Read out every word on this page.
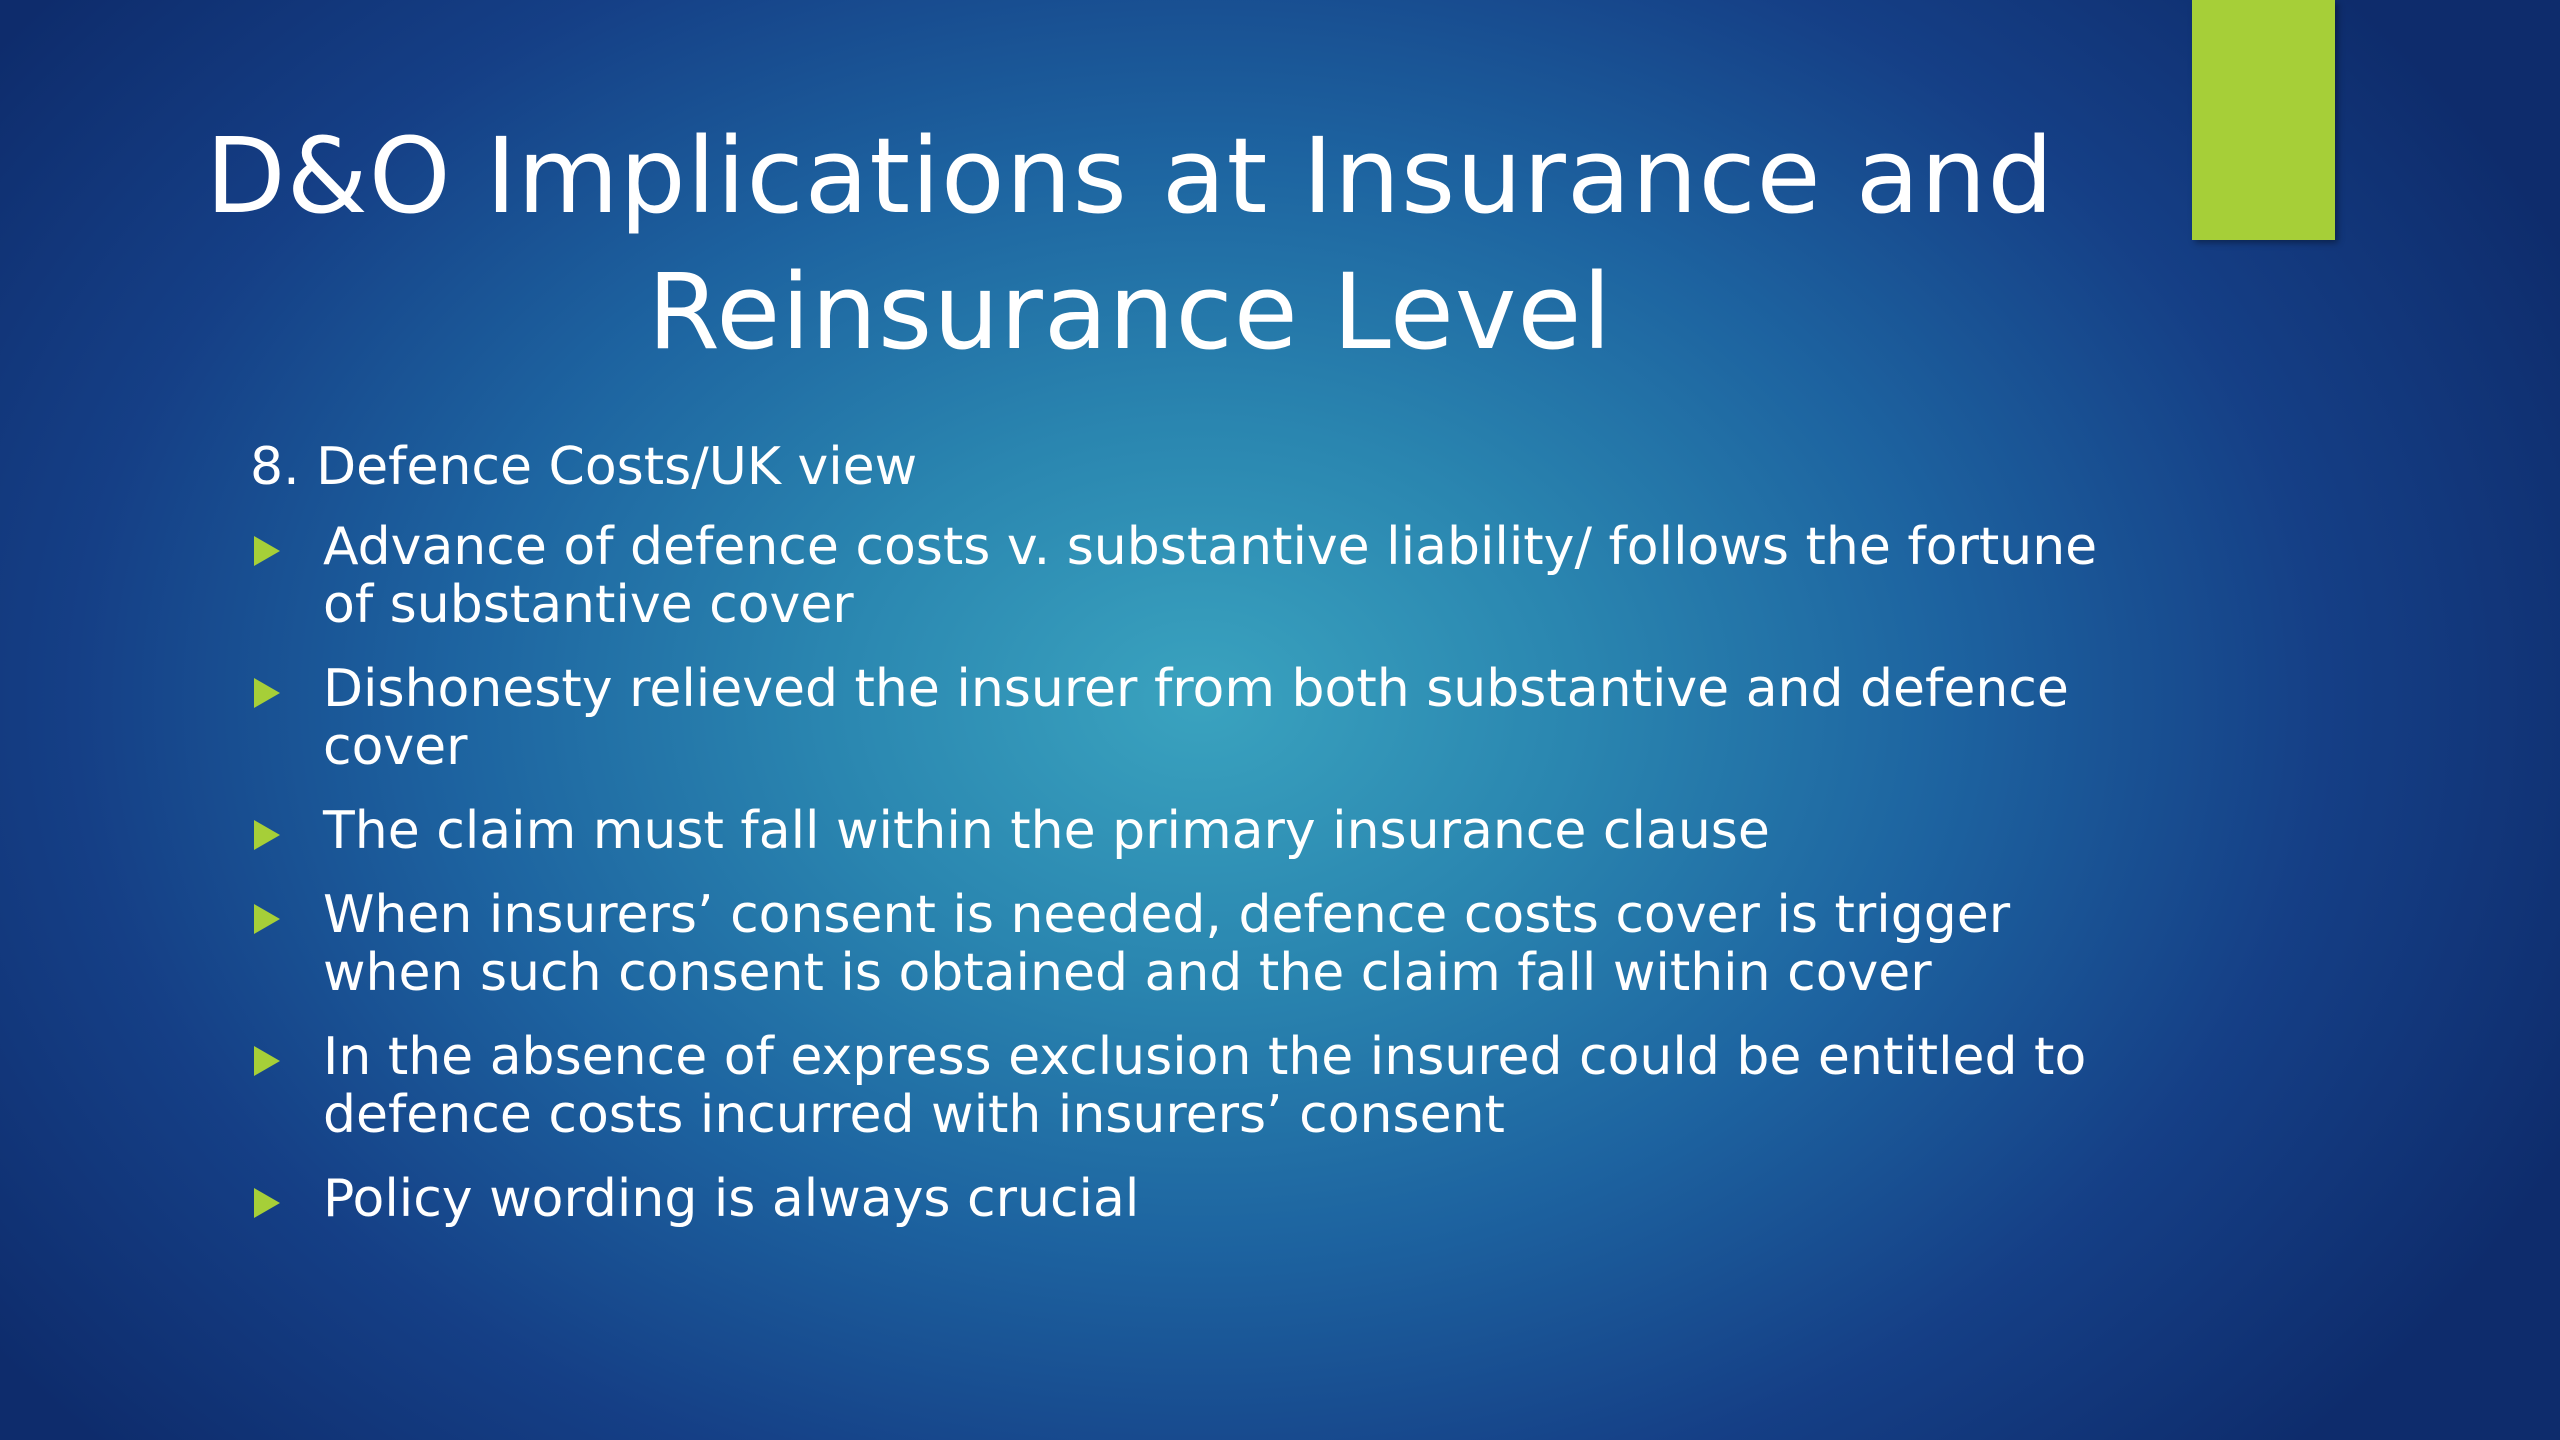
D&O Implications at Insurance and Reinsurance Level

8. Defence Costs/UK view

Advance of defence costs v. substantive liability/ follows the fortune of substantive cover
Dishonesty relieved the insurer from both substantive and defence cover
The claim must fall within the primary insurance clause
When insurers’ consent is needed, defence costs cover is trigger when such consent is obtained and the claim fall within cover
In the absence of express exclusion the insured could be entitled to defence costs incurred with insurers’ consent
Policy wording is always crucial
